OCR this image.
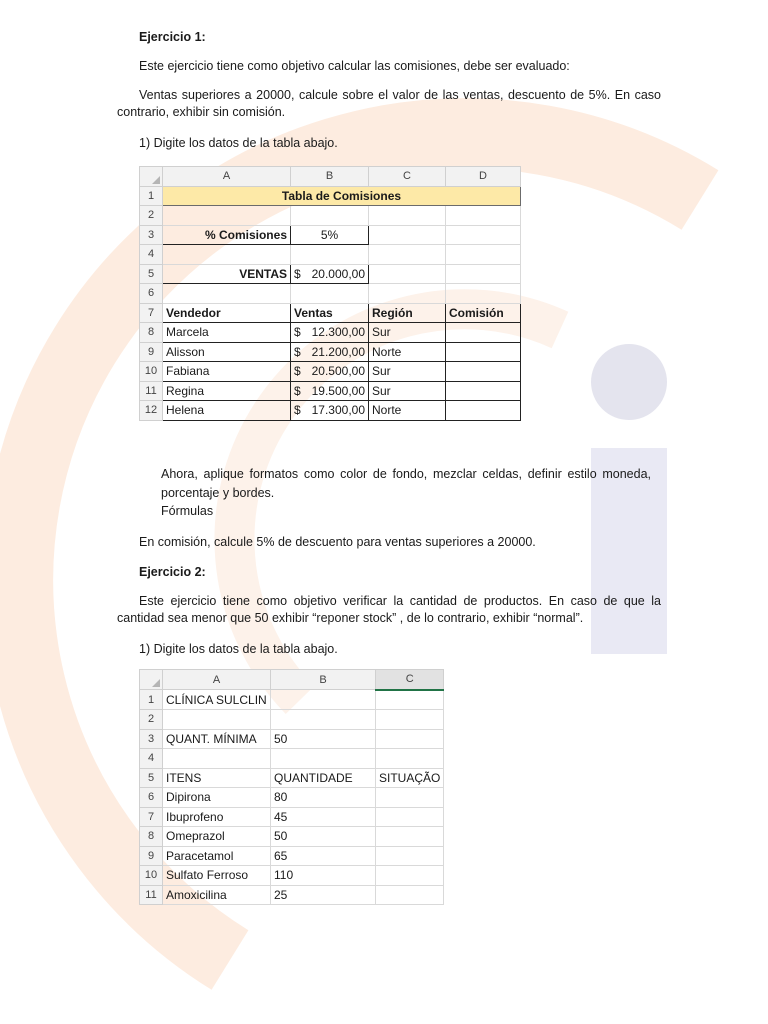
Ejercicio 1:
Este ejercicio tiene como objetivo calcular las comisiones, debe ser evaluado:
Ventas superiores a 20000, calcule sobre el valor de las ventas, descuento de 5%. En caso
contrario, exhibir sin comisión.
1) Digite los datos de la tabla abajo.
	A	B	C	D
1	Tabla de Comisiones			
2				
3	% Comisiones	5%		
4				
5	VENTAS	$ 20.000,00		

6				
7	Vendedor	Ventas	Región	Comisión
8	Marcela	$ 12.300,00	Sur	
9	Alisson	$ 21.200,00	Norte	
10	Fabiana	$ 20.500,00	Sur	
11	Regina	$ 19.500,00	Sur	
12	Helena	$ 17.300,00	Norte	
Ahora, aplique formatos como color de fondo, mezclar celdas, definir estilo moneda,
porcentaje y bordes.
Fórmulas
En comisión, calcule 5% de descuento para ventas superiores a 20000.
Ejercicio 2:
Este ejercicio tiene como objetivo verificar la cantidad de productos. En caso de que la
cantidad sea menor que 50 exhibir “reponer stock” , de lo contrario, exhibir “normal”.
1) Digite los datos de la tabla abajo.
	A	B	C
1	CLÍNICA SULCLIN		
2			
3	QUANT. MÍNIMA	50	
4			
5	ITENS	QUANTIDADE	SITUAÇÃO
6	Dipirona	80	
7	Ibuprofeno	45	
8	Omeprazol	50	
9	Paracetamol	65	
10	Sulfato Ferroso	110	
11	Amoxicilina	25	
